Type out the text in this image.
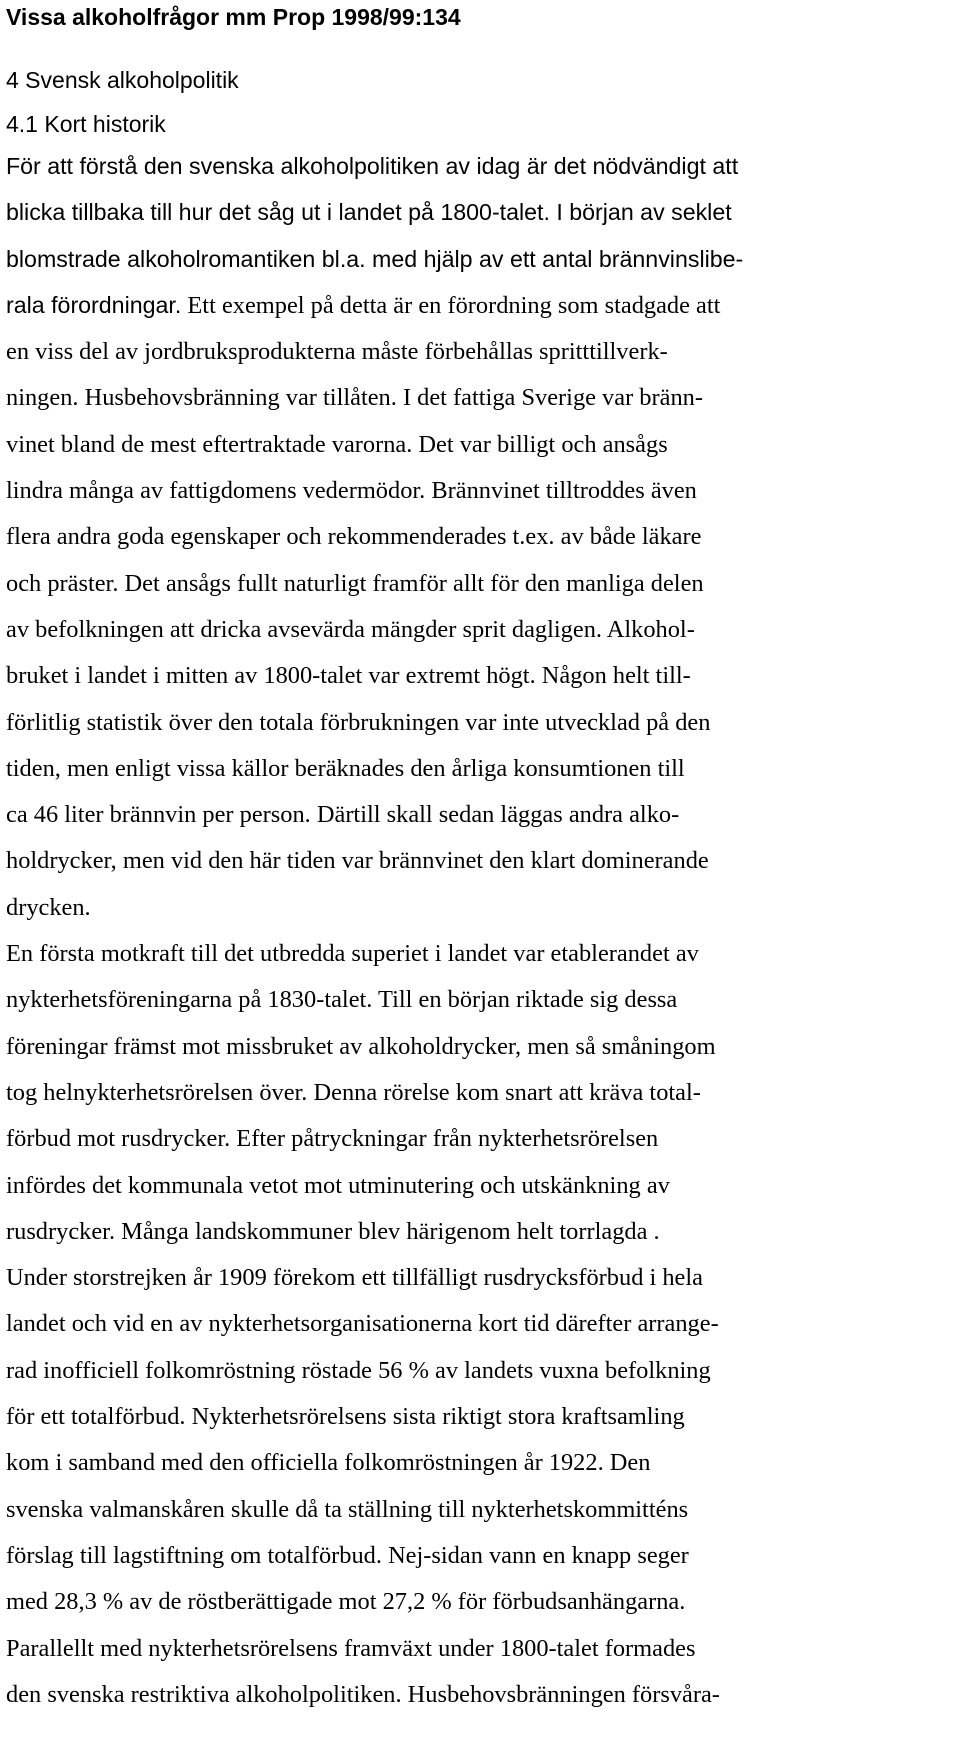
Vissa alkoholfrågor mm Prop 1998/99:134
4 Svensk alkoholpolitik
4.1 Kort historik

För att förstå den svenska alkoholpolitiken av idag är det nödvändigt att
blicka tillbaka till hur det såg ut i landet på 1800-talet. I början av seklet
blomstrade alkoholromantiken bl.a. med hjälp av ett antal brännvinslibe-
rala förordningar. Ett exempel på detta är en förordning som stadgade att
en viss del av jordbruksprodukterna måste förbehållas spritttillverk-
ningen. Husbehovsbränning var tillåten. I det fattiga Sverige var bränn-
vinet bland de mest eftertraktade varorna. Det var billigt och ansågs
lindra många av fattigdomens vedermödor. Brännvinet tilltroddes även
flera andra goda egenskaper och rekommenderades t.ex. av både läkare
och präster. Det ansågs fullt naturligt framför allt för den manliga delen
av befolkningen att dricka avsevärda mängder sprit dagligen. Alkohol-
bruket i landet i mitten av 1800-talet var extremt högt. Någon helt till-
förlitlig statistik över den totala förbrukningen var inte utvecklad på den
tiden, men enligt vissa källor beräknades den årliga konsumtionen till
ca 46 liter brännvin per person. Därtill skall sedan läggas andra alko-
holdrycker, men vid den här tiden var brännvinet den klart dominerande
drycken.

En första motkraft till det utbredda superiet i landet var etablerandet av
nykterhetsföreningarna på 1830-talet. Till en början riktade sig dessa
föreningar främst mot missbruket av alkoholdrycker, men så småningom
tog helnykterhetsrörelsen över. Denna rörelse kom snart att kräva total-
förbud mot rusdrycker. Efter påtryckningar från nykterhetsrörelsen
infördes det kommunala vetot mot utminutering och utskänkning av
rusdrycker. Många landskommuner blev härigenom helt torrlagda .
Under storstrejken år 1909 förekom ett tillfälligt rusdrycksförbud i hela
landet och vid en av nykterhetsorganisationerna kort tid därefter arrange-
rad inofficiell folkomröstning röstade 56 % av landets vuxna befolkning
för ett totalförbud. Nykterhetsrörelsens sista riktigt stora kraftsamling
kom i samband med den officiella folkomröstningen år 1922. Den
svenska valmanskåren skulle då ta ställning till nykterhetskommitténs
förslag till lagstiftning om totalförbud. Nej-sidan vann en knapp seger
med 28,3 % av de röstberättigade mot 27,2 % för förbudsanhängarna.
Parallellt med nykterhetsrörelsens framväxt under 1800-talet formades
den svenska restriktiva alkoholpolitiken. Husbehovsbränningen försvåra-
